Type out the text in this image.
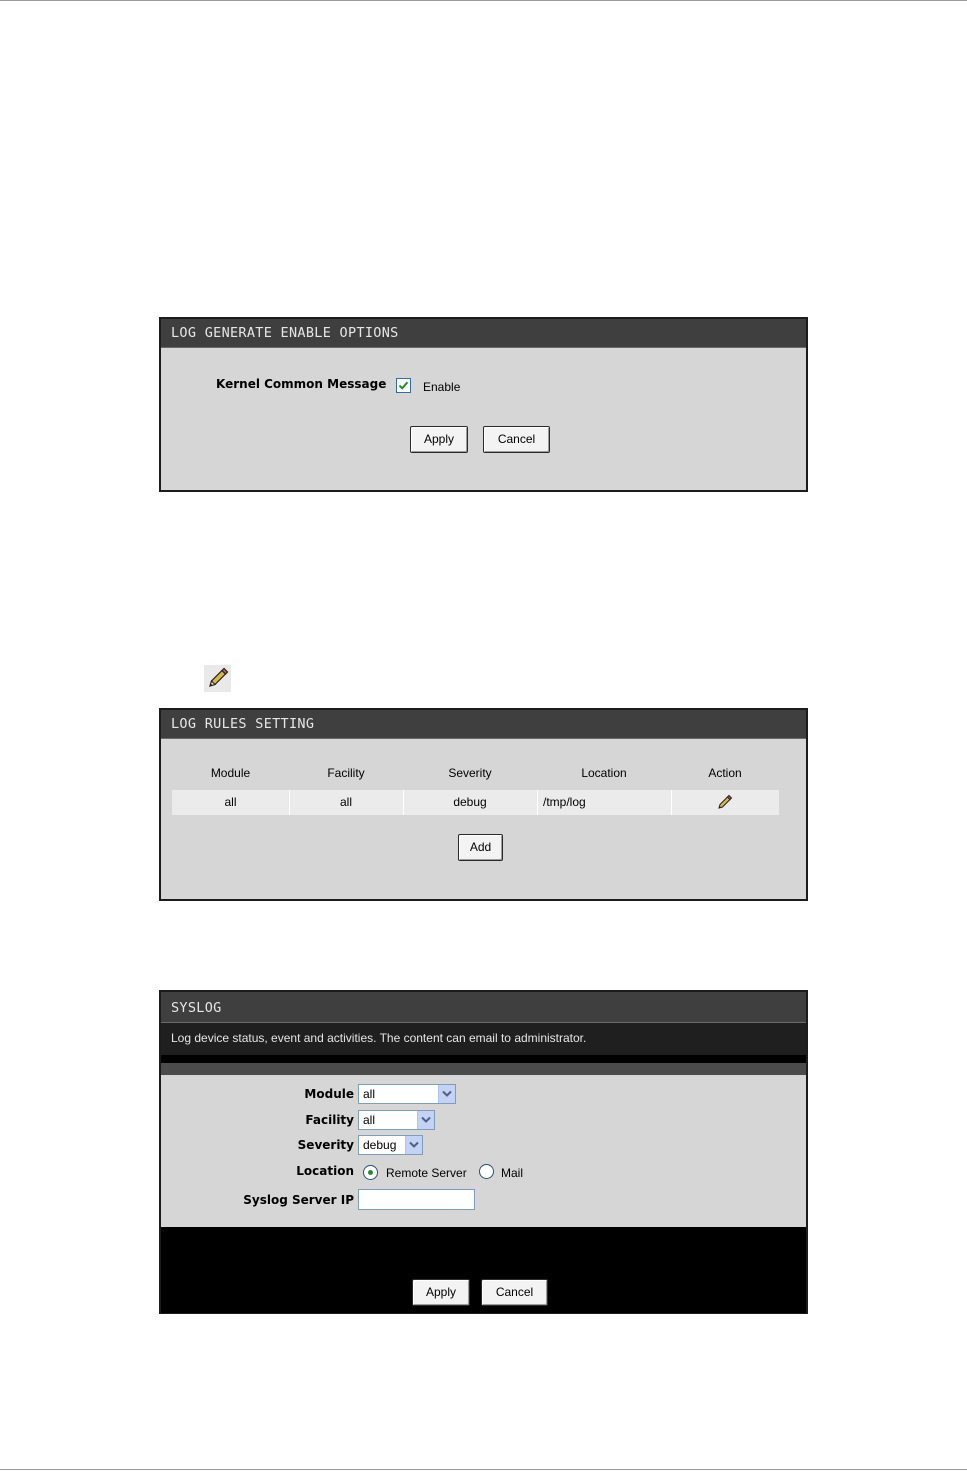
LOG GENERATE ENABLE OPTIONS
Kernel Common Message	Enable
Apply	Cancel
LOG RULES SETTING
Module	Facility	Severity	Location	Action
all	all	debug	/tmp/log
Add
SYSLOG
Log device status, event and activities. The content can email to administrator.
Module all
Facility all
Severity debug
Location	Remote Server	Mail
Syslog Server IP
Apply	Cancel
